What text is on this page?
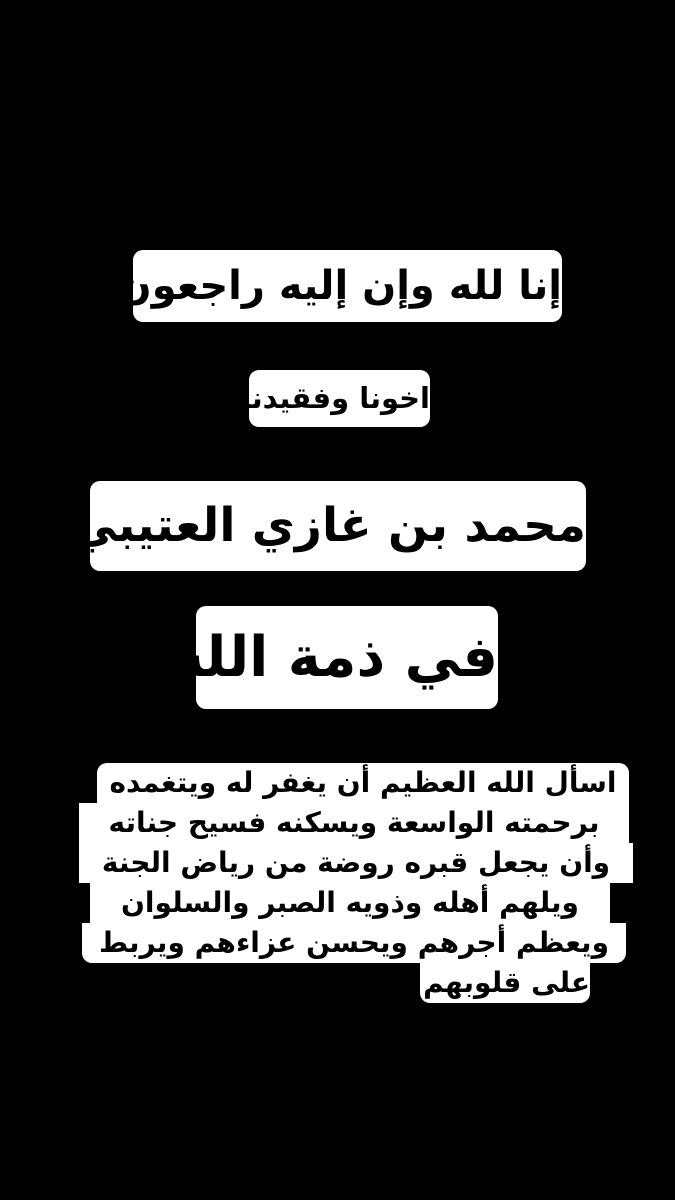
إنا لله وإن إليه راجعون
اخونا وفقيدنا
محمد بن غازي العتيبي
في ذمة الله
اسأل الله العظيم أن يغفر له ويتغمده
برحمته الواسعة ويسكنه فسيح جناته
وأن يجعل قبره روضة من رياض الجنة
ويلهم أهله وذويه الصبر والسلوان
ويعظم أجرهم ويحسن عزاءهم ويربط
على قلوبهم .
